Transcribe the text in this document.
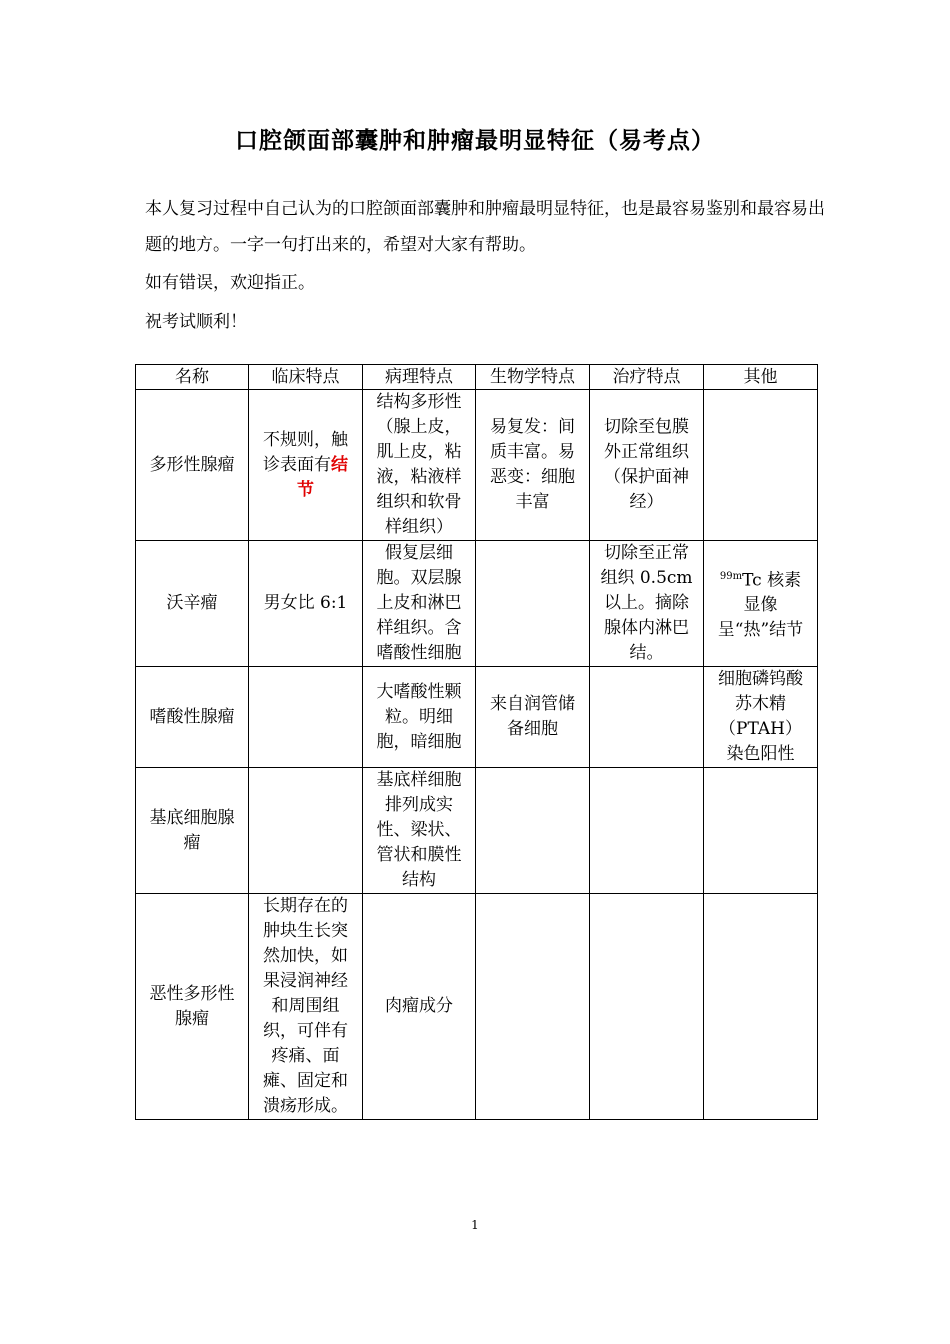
口腔颌面部囊肿和肿瘤最明显特征（易考点）
本人复习过程中自己认为的口腔颌面部囊肿和肿瘤最明显特征，也是最容易鉴别和最容易出题的地方。一字一句打出来的，希望对大家有帮助。
如有错误，欢迎指正。
祝考试顺利！
名称	临床特点	病理特点	生物学特点	治疗特点	其他
多形性腺瘤	不规则，触诊表面有结节	结构多形性（腺上皮，肌上皮，粘液，粘液样组织和软骨样组织）	易复发：间质丰富。易恶变：细胞丰富	切除至包膜外正常组织（保护面神经）	
沃辛瘤	男女比 6:1	假复层细胞。双层腺上皮和淋巴样组织。含嗜酸性细胞		切除至正常组织 0.5cm 以上。摘除腺体内淋巴结。	$^{99m}$Tc 核素显像呈“热”结节
嗜酸性腺瘤		大嗜酸性颗粒。明细胞，暗细胞	来自润管储备细胞		细胞磷钨酸苏木精（PTAH）染色阳性
基底细胞腺瘤		基底样细胞排列成实性、梁状、管状和膜性结构			
恶性多形性腺瘤	长期存在的肿块生长突然加快，如果浸润神经和周围组织，可伴有疼痛、面瘫、固定和溃疡形成。	肉瘤成分			
1
